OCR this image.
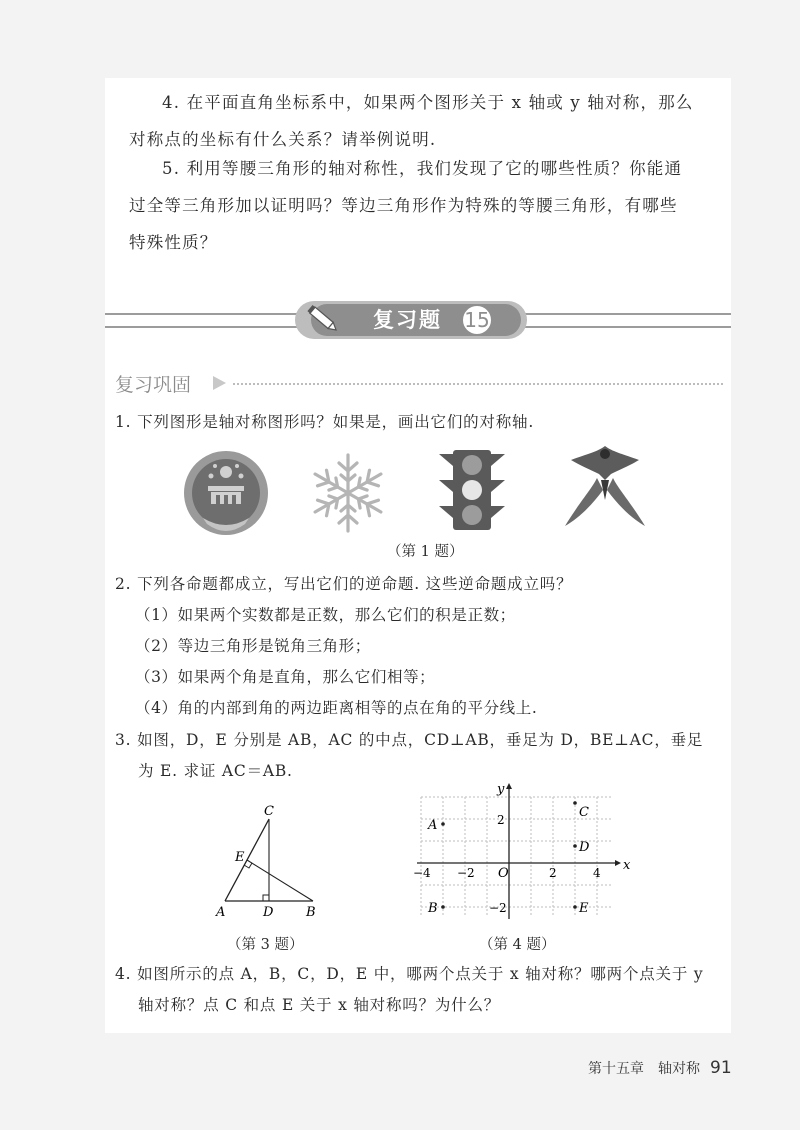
4. 在平面直角坐标系中，如果两个图形关于 x 轴或 y 轴对称，那么
对称点的坐标有什么关系？请举例说明.
5. 利用等腰三角形的轴对称性，我们发现了它的哪些性质？你能通
过全等三角形加以证明吗？等边三角形作为特殊的等腰三角形，有哪些
特殊性质？
复习题 15
复习巩固
1. 下列图形是轴对称图形吗？如果是，画出它们的对称轴.
（第 1 题）
2. 下列各命题都成立，写出它们的逆命题. 这些逆命题成立吗？
（1）如果两个实数都是正数，那么它们的积是正数；
（2）等边三角形是锐角三角形；
（3）如果两个角是直角，那么它们相等；
（4）角的内部到角的两边距离相等的点在角的平分线上.
3. 如图，D，E 分别是 AB，AC 的中点，CD⊥AB，垂足为 D，BE⊥AC，垂足
为 E. 求证 AC＝AB.
C
E
A	D	B
（第 3 题）
x
y
O
−4 −2	2	4
2
−2
A
B
C
D
E
（第 4 题）
4. 如图所示的点 A，B，C，D，E 中，哪两个点关于 x 轴对称？哪两个点关于 y
轴对称？点 C 和点 E 关于 x 轴对称吗？为什么？
第十五章　轴对称 91
